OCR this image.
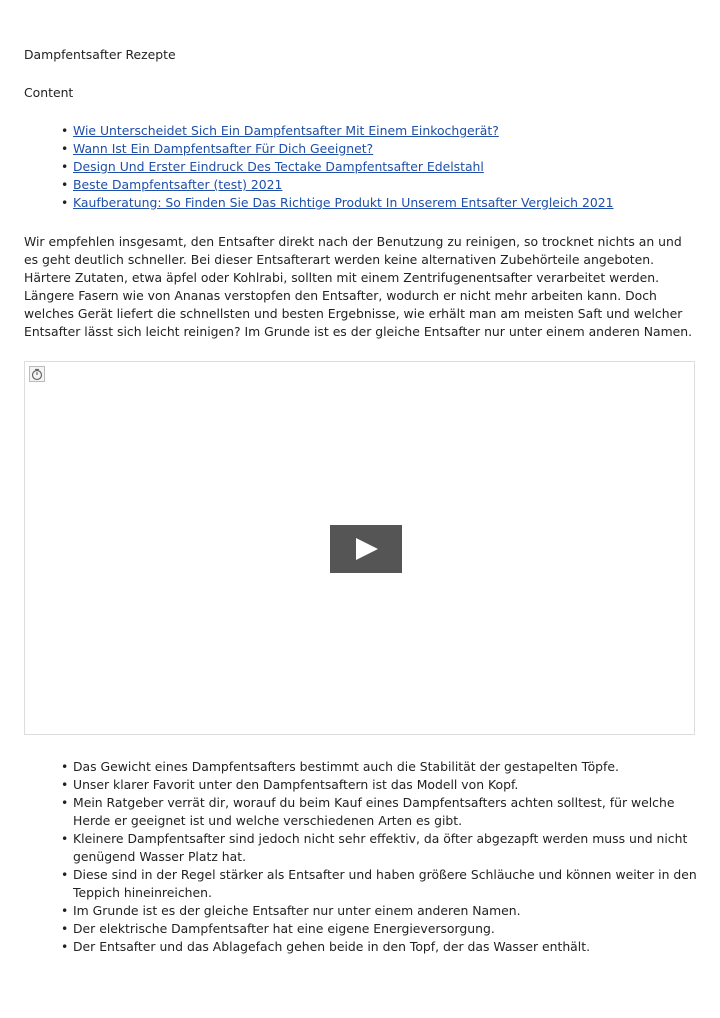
Dampfentsafter Rezepte
Content
• Wie Unterscheidet Sich Ein Dampfentsafter Mit Einem Einkochgerät?
• Wann Ist Ein Dampfentsafter Für Dich Geeignet?
• Design Und Erster Eindruck Des Tectake Dampfentsafter Edelstahl
• Beste Dampfentsafter (test) 2021
• Kaufberatung: So Finden Sie Das Richtige Produkt In Unserem Entsafter Vergleich 2021

Wir empfehlen insgesamt, den Entsafter direkt nach der Benutzung zu reinigen, so trocknet nichts an und es geht deutlich schneller. Bei dieser Entsafterart werden keine alternativen Zubehörteile angeboten. Härtere Zutaten, etwa äpfel oder Kohlrabi, sollten mit einem Zentrifugenentsafter verarbeitet werden. Längere Fasern wie von Ananas verstopfen den Entsafter, wodurch er nicht mehr arbeiten kann. Doch welches Gerät liefert die schnellsten und besten Ergebnisse, wie erhält man am meisten Saft und welcher Entsafter lässt sich leicht reinigen? Im Grunde ist es der gleiche Entsafter nur unter einem anderen Namen.

• Das Gewicht eines Dampfentsafters bestimmt auch die Stabilität der gestapelten Töpfe.
• Unser klarer Favorit unter den Dampfentsaftern ist das Modell von Kopf.
• Mein Ratgeber verrät dir, worauf du beim Kauf eines Dampfentsafters achten solltest, für welche Herde er geeignet ist und welche verschiedenen Arten es gibt.
• Kleinere Dampfentsafter sind jedoch nicht sehr effektiv, da öfter abgezapft werden muss und nicht genügend Wasser Platz hat.
• Diese sind in der Regel stärker als Entsafter und haben größere Schläuche und können weiter in den Teppich hineinreichen.
• Im Grunde ist es der gleiche Entsafter nur unter einem anderen Namen.
• Der elektrische Dampfentsafter hat eine eigene Energieversorgung.
• Der Entsafter und das Ablagefach gehen beide in den Topf, der das Wasser enthält.
